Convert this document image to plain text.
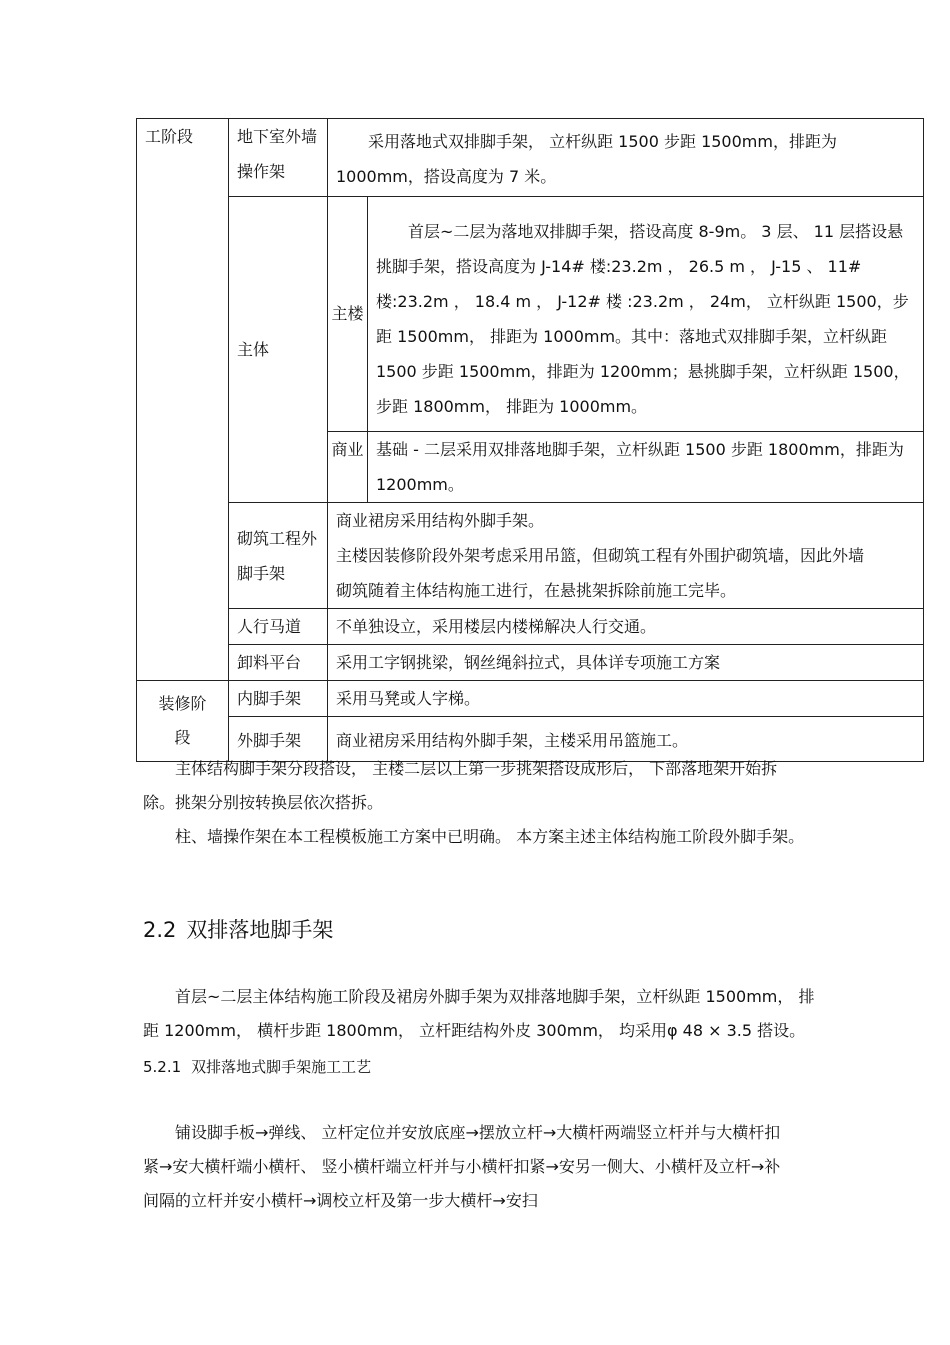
工阶段	地下室外墙操作架	采用落地式双排脚手架， 立杆纵距 1500 步距 1500mm，排距为 1000mm，搭设高度为 7 米。	
	主体	主楼	首层~二层为落地双排脚手架，搭设高度 8-9m。 3 层、 11 层搭设悬挑脚手架，搭设高度为 J-14# 楼:23.2m ， 26.5 m ， J-15 、 11#楼:23.2m ， 18.4 m ， J-12# 楼 :23.2m ， 24m， 立杆纵距 1500，步距 1500mm， 排距为 1000mm。其中：落地式双排脚手架，立杆纵距 1500 步距 1500mm，排距为 1200mm；悬挑脚手架，立杆纵距 1500，步距 1800mm， 排距为 1000mm。

		商业	基础 - 二层采用双排落地脚手架，立杆纵距 1500 步距 1800mm，排距为 1200mm。
	砌筑工程外脚手架	商业裙房采用结构外脚手架。
主楼因装修阶段外架考虑采用吊篮，但砌筑工程有外围护砌筑墙，因此外墙砌筑随着主体结构施工进行，在悬挑架拆除前施工完毕。	

	人行马道	不单独设立，采用楼层内楼梯解决人行交通。	
	卸料平台	采用工字钢挑梁，钢丝绳斜拉式，具体详专项施工方案	
装修阶段	内脚手架	采用马凳或人字梯。	
	外脚手架	商业裙房采用结构外脚手架，主楼采用吊篮施工。	
主体结构脚手架分段搭设， 主楼二层以上第一步挑架搭设成形后， 下部落地架开始拆除。挑架分别按转换层依次搭拆。
柱、墙操作架在本工程模板施工方案中已明确。 本方案主述主体结构施工阶段外脚手架。
2.2 双排落地脚手架
首层~二层主体结构施工阶段及裙房外脚手架为双排落地脚手架，立杆纵距 1500mm， 排距 1200mm， 横杆步距 1800mm， 立杆距结构外皮 300mm， 均采用φ 48 × 3.5 搭设。
5.2.1 双排落地式脚手架施工工艺
铺设脚手板→弹线、 立杆定位并安放底座→摆放立杆→大横杆两端竖立杆并与大横杆扣紧→安大横杆端小横杆、 竖小横杆端立杆并与小横杆扣紧→安另一侧大、小横杆及立杆→补间隔的立杆并安小横杆→调校立杆及第一步大横杆→安扫
